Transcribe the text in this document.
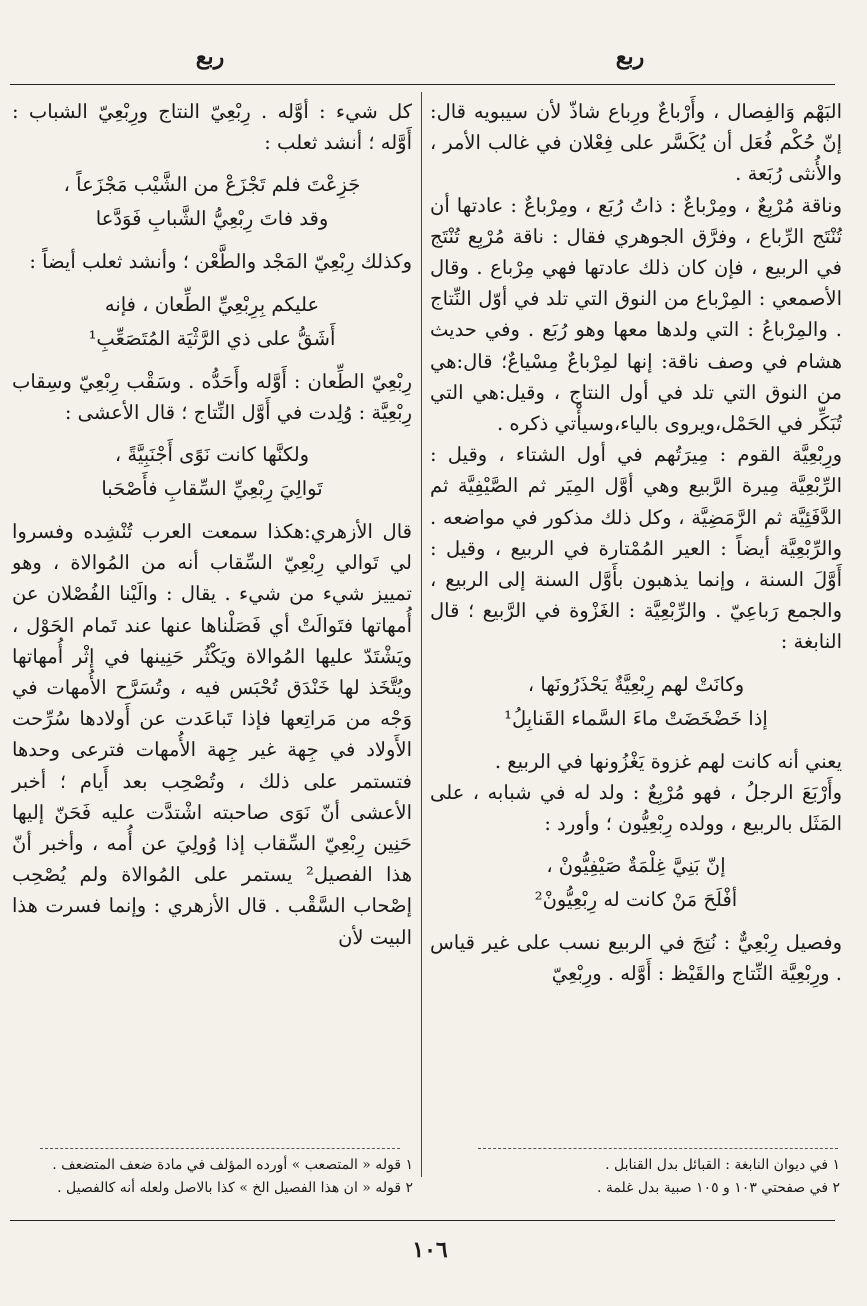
ربع
ربع

البَهْم وَالفِصال ، وأَرْباعٌ ورِباع شاذّ لأن سيبويه قال: إنّ حُكْم فُعَل أن يُكَسَّر على فِعْلان في غالب الأمر ، والأُنثى رُبَعة .

وناقة مُرْبِعٌ ، ومِرْباعٌ : ذاتُ رُبَع ، ومِرْباعٌ : عادتها أن تُنْتَج الرِّباع ، وفرَّق الجوهري فقال : ناقة مُرْبِع تُنْتَج في الربيع ، فإن كان ذلك عادتها فهي مِرْباع . وقال الأصمعي : المِرْباع من النوق التي تلد في أوّل النِّتاج . والمِرْباعُ : التي ولدها معها وهو رُبَع . وفي حديث هشام في وصف ناقة: إنها لمِرْباعٌ مِسْياعٌ؛ قال:هي من النوق التي تلد في أول النتاج ، وقيل:هي التي تُبَكِّر في الحَمْل،ويروى بالياء،وسيأْتي ذكره .

ورِبْعِيَّة القوم : مِيرَتُهم في أول الشتاء ، وقيل : الرِّبْعِيَّة مِيرة الرَّبيع وهي أوَّل المِيَر ثم الصَّيْفِيَّة ثم الدَّفَئِيَّة ثم الرَّمَضِيَّة ، وكل ذلك مذكور في مواضعه . والرِّبْعِيَّة أيضاً : العير المُمْتارة في الربيع ، وقيل : أَوَّلَ السنة ، وإنما يذهبون بأَوَّل السنة إلى الربيع ، والجمع رَباعِيّ . والرِّبْعِيَّة : الغَزْوة في الرَّبيع ؛ قال النابغة :

وكانَتْ لهم رِبْعِيَّةٌ يَحْذَرُونَها ،
إذا خَضْخَضَتْ ماءَ السَّماء القَنابِلُ¹

يعني أنه كانت لهم غزوة يَغْزُونها في الربيع .

وأَرْبَعَ الرجلُ ، فهو مُرْبِعٌ : ولد له في شبابه ، على المَثَل بالربيع ، وولده رِبْعِيُّون ؛ وأورد :

إنّ بَنِيَّ غِلْمَةٌ صَيْفِيُّونْ ،
أفْلَحَ مَنْ كانت له رِبْعِيُّونْ²

وفصيل رِبْعِيٌّ : نُتِجَ في الربيع نسب على غير قياس . ورِبْعِيَّة النِّتاج والقَيْظ : أَوَّله . ورِبْعِيّ

كل شيء : أوَّله . رِبْعِيّ النتاج ورِبْعِيّ الشباب : أَوَّله ؛ أنشد ثعلب :

جَزِعْتَ فلم تَجْزَعْ من الشَّيْب مَجْزَعاً ،
وقد فاتَ رِبْعِيُّ الشَّبابِ فَوَدَّعا

وكذلك رِبْعِيّ المَجْد والطَّعْن ؛ وأنشد ثعلب أيضاً :

عليكم بِرِبْعِيِّ الطِّعان ، فإنه
أَشَقُّ على ذي الرَّثْيَة المُتَصَعِّبِ¹

رِبْعِيّ الطِّعان : أَوَّله وأَحَدُّه . وسَقْب رِبْعِيّ وسِقاب رِبْعِيَّة : وُلِدت في أَوَّل النِّتاج ؛ قال الأعشى :

ولكنَّها كانت نَوًى أَجْنَبِيَّةً ،
تَوالِيَ رِبْعِيِّ السِّقابِ فأَصْحَبا

قال الأزهري:هكذا سمعت العرب تُنْشِده وفسروا لي تَوالي رِبْعِيّ السِّقاب أنه من المُوالاة ، وهو تمييز شيء من شيء . يقال : والَيْنا الفُصْلان عن أُمهاتها فتَوالَتْ أي فَصَلْناها عنها عند تَمام الحَوْل ، ويَشْتَدّ عليها المُوالاة ويَكْثُر حَنِينها في إثْر أُمهاتها ويُتَّخَذ لها خَنْدَق تُحْبَس فيه ، وتُسَرَّح الأُمهات في وَجْه من مَراتِعها فإذا تَباعَدت عن أَولادها سُرِّحت الأَولاد في جِهة غير جِهة الأُمهات فترعى وحدها فتستمر على ذلك ، وتُصْحِب بعد أَيام ؛ أخبر الأعشى أنّ نَوَى صاحبته اشْتدَّت عليه فَحَنّ إليها حَنِين رِبْعِيّ السِّقاب إذا وُولِيَ عن أُمه ، وأخبر أنّ هذا الفصيل² يستمر على المُوالاة ولم يُصْحِب إصْحاب السَّقْب . قال الأزهري : وإنما فسرت هذا البيت لأن

١ في ديوان النابغة : القبائل بدل القنابل .

٢ في صفحتي ١٠٣ و ١٠٥ صبية بدل غلمة .

١ قوله « المتصعب » أورده المؤلف في مادة ضعف المتضعف .

٢ قوله « ان هذا الفصيل الخ » كذا بالاصل ولعله أنه كالفصيل .

١٠٦
